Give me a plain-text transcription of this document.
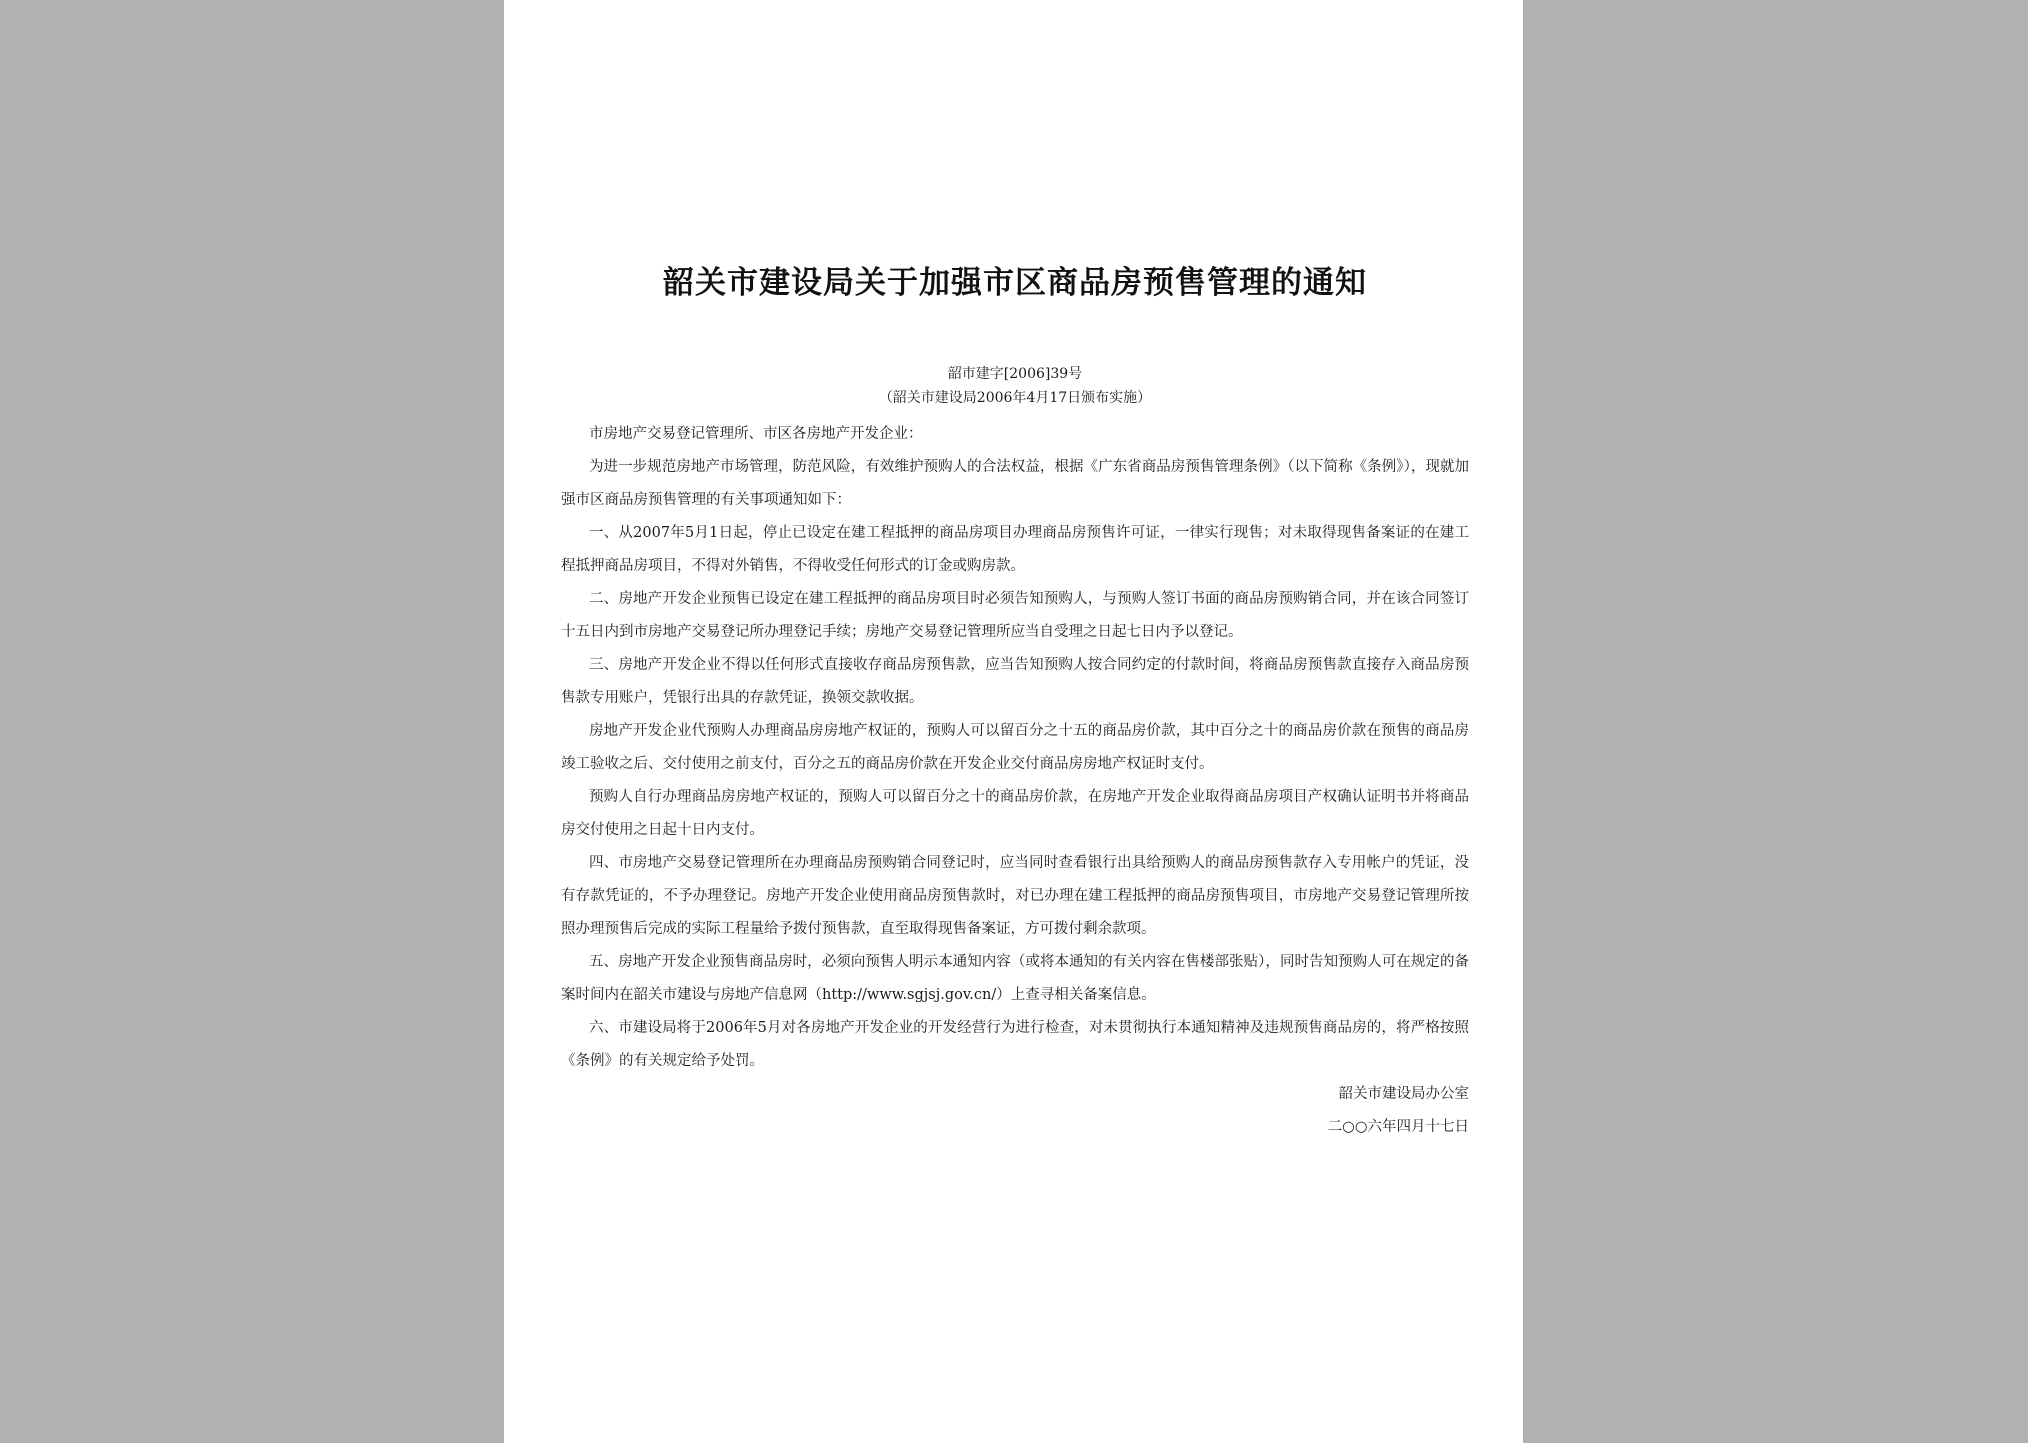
韶关市建设局关于加强市区商品房预售管理的通知

韶市建字[2006]39号

（韶关市建设局2006年4月17日颁布实施）

市房地产交易登记管理所、市区各房地产开发企业：

为进一步规范房地产市场管理，防范风险，有效维护预购人的合法权益，根据《广东省商品房预售管理条例》（以下简称《条例》），现就加强市区商品房预售管理的有关事项通知如下：

一、从2007年5月1日起，停止已设定在建工程抵押的商品房项目办理商品房预售许可证，一律实行现售；对未取得现售备案证的在建工程抵押商品房项目，不得对外销售，不得收受任何形式的订金或购房款。

二、房地产开发企业预售已设定在建工程抵押的商品房项目时必须告知预购人，与预购人签订书面的商品房预购销合同，并在该合同签订十五日内到市房地产交易登记所办理登记手续；房地产交易登记管理所应当自受理之日起七日内予以登记。

三、房地产开发企业不得以任何形式直接收存商品房预售款，应当告知预购人按合同约定的付款时间，将商品房预售款直接存入商品房预售款专用账户，凭银行出具的存款凭证，换领交款收据。

房地产开发企业代预购人办理商品房房地产权证的，预购人可以留百分之十五的商品房价款，其中百分之十的商品房价款在预售的商品房竣工验收之后、交付使用之前支付，百分之五的商品房价款在开发企业交付商品房房地产权证时支付。

预购人自行办理商品房房地产权证的，预购人可以留百分之十的商品房价款，在房地产开发企业取得商品房项目产权确认证明书并将商品房交付使用之日起十日内支付。

四、市房地产交易登记管理所在办理商品房预购销合同登记时，应当同时查看银行出具给预购人的商品房预售款存入专用帐户的凭证，没有存款凭证的，不予办理登记。房地产开发企业使用商品房预售款时，对已办理在建工程抵押的商品房预售项目，市房地产交易登记管理所按照办理预售后完成的实际工程量给予拨付预售款，直至取得现售备案证，方可拨付剩余款项。

五、房地产开发企业预售商品房时，必须向预售人明示本通知内容（或将本通知的有关内容在售楼部张贴），同时告知预购人可在规定的备案时间内在韶关市建设与房地产信息网（http://www.sgjsj.gov.cn/）上查寻相关备案信息。

六、市建设局将于2006年5月对各房地产开发企业的开发经营行为进行检查，对未贯彻执行本通知精神及违规预售商品房的，将严格按照《条例》的有关规定给予处罚。

韶关市建设局办公室

二○○六年四月十七日
